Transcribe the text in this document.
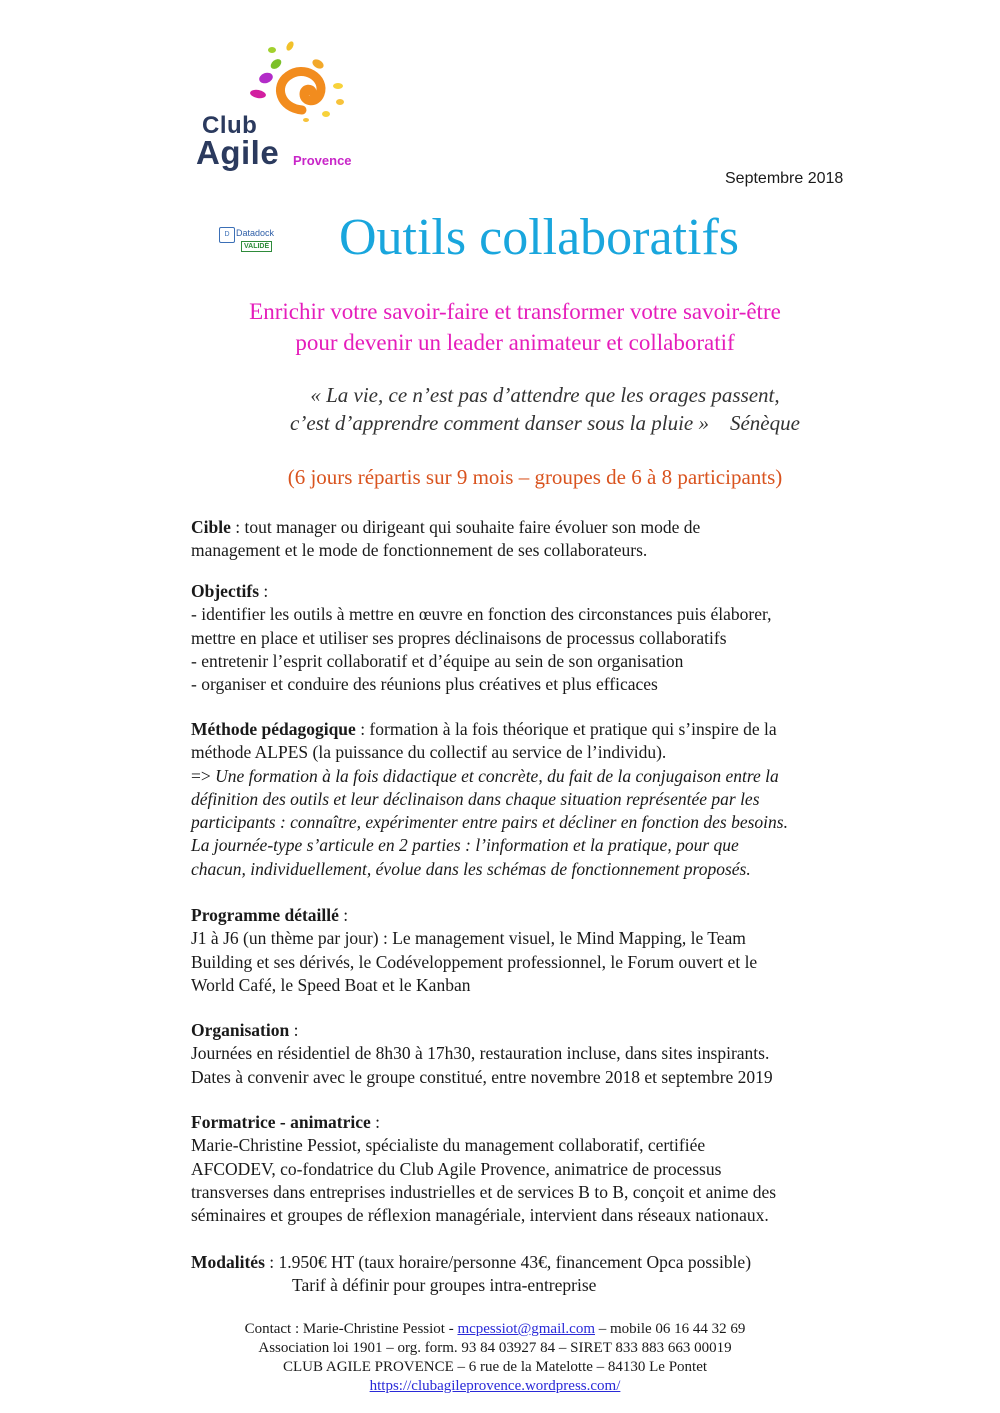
Club
Agile Provence
Septembre 2018
D Datadock
VALIDÉ	Outils collaboratifs
Enrichir votre savoir-faire et transformer votre savoir-être
pour devenir un leader animateur et collaboratif
« La vie, ce n’est pas d’attendre que les orages passent,
c’est d’apprendre comment danser sous la pluie »    Sénèque
(6 jours répartis sur 9 mois – groupes de 6 à 8 participants)
Cible : tout manager ou dirigeant qui souhaite faire évoluer son mode de
management et le mode de fonctionnement de ses collaborateurs.
Objectifs :
- identifier les outils à mettre en œuvre en fonction des circonstances puis élaborer,
mettre en place et utiliser ses propres déclinaisons de processus collaboratifs
- entretenir l’esprit collaboratif et d’équipe au sein de son organisation
- organiser et conduire des réunions plus créatives et plus efficaces
Méthode pédagogique : formation à la fois théorique et pratique qui s’inspire de la
méthode ALPES (la puissance du collectif au service de l’individu).
=> Une formation à la fois didactique et concrète, du fait de la conjugaison entre la
définition des outils et leur déclinaison dans chaque situation représentée par les
participants : connaître, expérimenter entre pairs et décliner en fonction des besoins.
La journée-type s’articule en 2 parties : l’information et la pratique, pour que
chacun, individuellement, évolue dans les schémas de fonctionnement proposés.
Programme détaillé :
J1 à J6 (un thème par jour) : Le management visuel, le Mind Mapping, le Team
Building et ses dérivés, le Codéveloppement professionnel, le Forum ouvert et le
World Café, le Speed Boat et le Kanban
Organisation :
Journées en résidentiel de 8h30 à 17h30, restauration incluse, dans sites inspirants.
Dates à convenir avec le groupe constitué, entre novembre 2018 et septembre 2019
Formatrice - animatrice :
Marie-Christine Pessiot, spécialiste du management collaboratif, certifiée
AFCODEV, co-fondatrice du Club Agile Provence, animatrice de processus
transverses dans entreprises industrielles et de services B to B, conçoit et anime des
séminaires et groupes de réflexion managériale, intervient dans réseaux nationaux.
Modalités : 1.950€ HT (taux horaire/personne 43€, financement Opca possible)
Tarif à définir pour groupes intra-entreprise
Contact : Marie-Christine Pessiot - mcpessiot@gmail.com – mobile 06 16 44 32 69
Association loi 1901 – org. form. 93 84 03927 84 – SIRET 833 883 663 00019
CLUB AGILE PROVENCE – 6 rue de la Matelotte – 84130 Le Pontet
https://clubagileprovence.wordpress.com/
